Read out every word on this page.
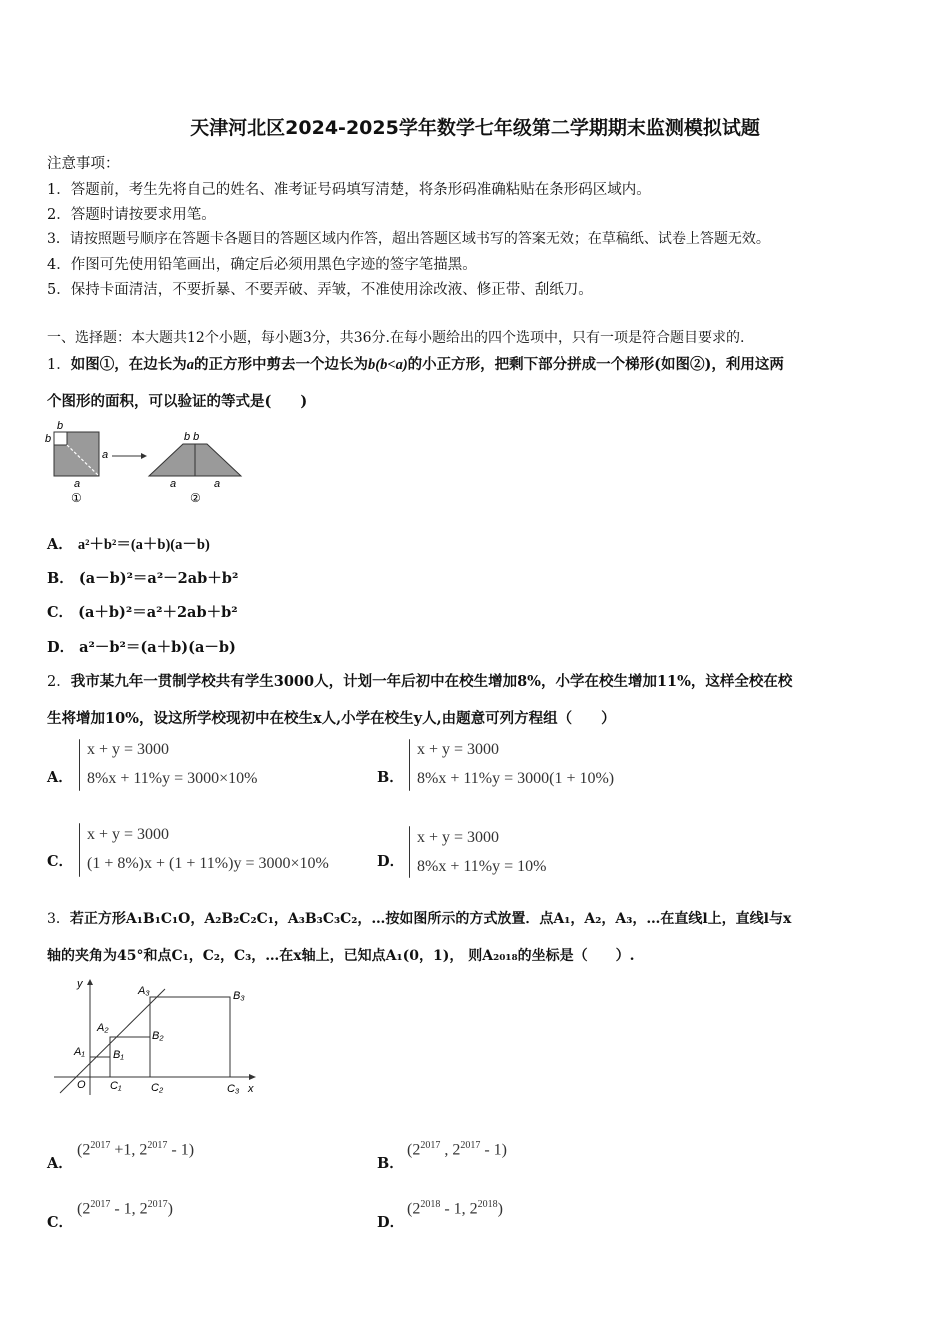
天津河北区2024-2025学年数学七年级第二学期期末监测模拟试题
注意事项：
1．答题前，考生先将自己的姓名、准考证号码填写清楚，将条形码准确粘贴在条形码区域内。
2．答题时请按要求用笔。
3．请按照题号顺序在答题卡各题目的答题区域内作答，超出答题区域书写的答案无效；在草稿纸、试卷上答题无效。
4．作图可先使用铅笔画出，确定后必须用黑色字迹的签字笔描黑。
5．保持卡面清洁，不要折暴、不要弄破、弄皱，不准使用涂改液、修正带、刮纸刀。
一、选择题：本大题共12个小题，每小题3分，共36分.在每小题给出的四个选项中，只有一项是符合题目要求的.
1．如图①，在边长为a的正方形中剪去一个边长为b(b<a)的小正方形，把剩下部分拼成一个梯形(如图②)，利用这两
个图形的面积，可以验证的等式是(　　)
b
b
a
a
①
b b
a	a
②
A． a²＋b²＝(a＋b)(a－b)
B． (a－b)²＝a²－2ab＋b²
C． (a＋b)²＝a²＋2ab＋b²
D． a²－b²＝(a＋b)(a－b)
2．我市某九年一贯制学校共有学生3000人，计划一年后初中在校生增加8%，小学在校生增加11%，这样全校在校
生将增加10%，设这所学校现初中在校生x人,小学在校生y人,由题意可列方程组（　　）
A．
x + y = 3000
8%x + 11%y = 3000×10%	B．
x + y = 3000
8%x + 11%y = 3000(1 + 10%)
C．
x + y = 3000
(1 + 8%)x + (1 + 11%)y = 3000×10%	D．
x + y = 3000
8%x + 11%y = 10%
3．若正方形A₁B₁C₁O，A₂B₂C₂C₁，A₃B₃C₃C₂，…按如图所示的方式放置．点A₁，A₂，A₃，…在直线l上，直线l与x
轴的夹角为45°和点C₁，C₂，C₃，…在x轴上，已知点A₁(0，1)， 则A₂₀₁₈的坐标是（　　）.
y
x
O
A₁
A₂
A₃
B₁
B₂
B₃
C₁	C₂	C₃
A．
($2^{2017} +1$, $2^{2017} - 1$)
B．
($2^{2017}$ , $2^{2017} - 1$)
C．
($2^{2017} - 1$, $2^{2017}$)
D．
($2^{2018} - 1$, $2^{2018}$)
